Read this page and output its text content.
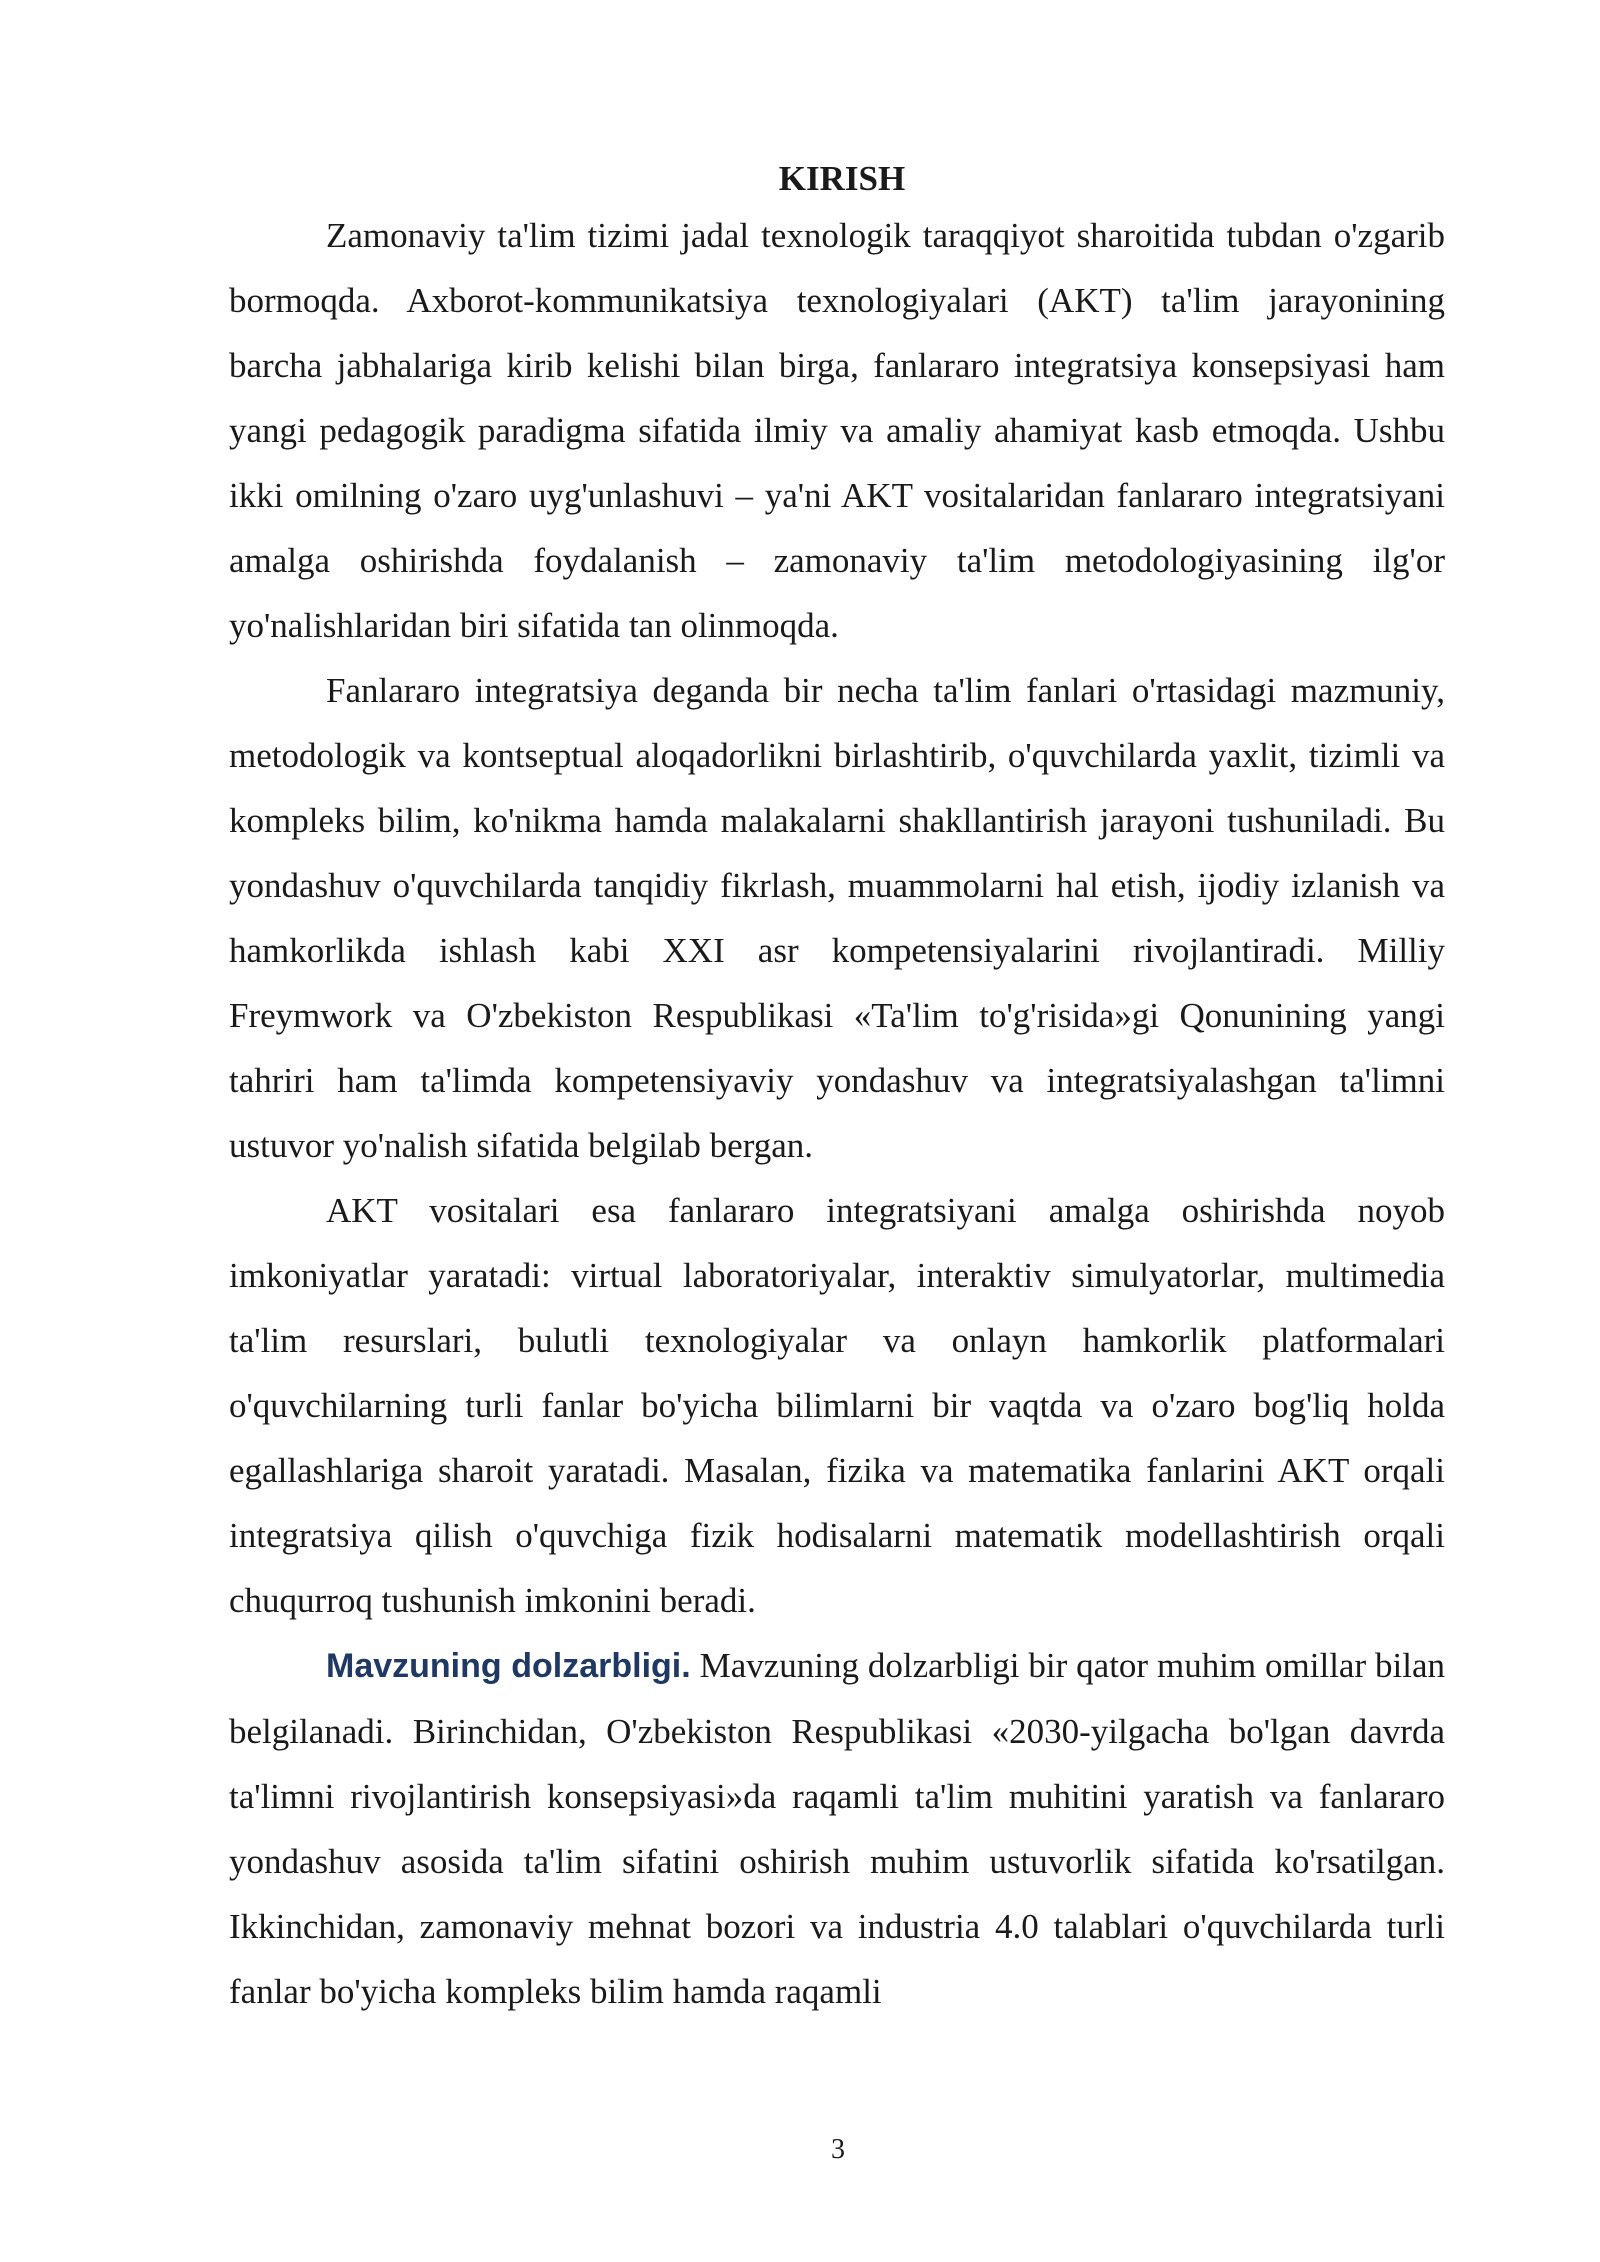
KIRISH

Zamonaviy ta'lim tizimi jadal texnologik taraqqiyot sharoitida tubdan o'zgarib bormoqda. Axborot-kommunikatsiya texnologiyalari (AKT) ta'lim jarayonining barcha jabhalariga kirib kelishi bilan birga, fanlararo integratsiya konsepsiyasi ham yangi pedagogik paradigma sifatida ilmiy va amaliy ahamiyat kasb etmoqda. Ushbu ikki omilning o'zaro uyg'unlashuvi – ya'ni AKT vositalaridan fanlararo integratsiyani amalga oshirishda foydalanish – zamonaviy ta'lim metodologiyasining ilg'or yo'nalishlaridan biri sifatida tan olinmoqda.

Fanlararo integratsiya deganda bir necha ta'lim fanlari o'rtasidagi mazmuniy, metodologik va kontseptual aloqadorlikni birlashtirib, o'quvchilarda yaxlit, tizimli va kompleks bilim, ko'nikma hamda malakalarni shakllantirish jarayoni tushuniladi. Bu yondashuv o'quvchilarda tanqidiy fikrlash, muammolarni hal etish, ijodiy izlanish va hamkorlikda ishlash kabi XXI asr kompetensiyalarini rivojlantiradi. Milliy Freymwork va O'zbekiston Respublikasi «Ta'lim to'g'risida»gi Qonunining yangi tahriri ham ta'limda kompetensiyaviy yondashuv va integratsiyalashgan ta'limni ustuvor yo'nalish sifatida belgilab bergan.

AKT vositalari esa fanlararo integratsiyani amalga oshirishda noyob imkoniyatlar yaratadi: virtual laboratoriyalar, interaktiv simulyatorlar, multimedia ta'lim resurslari, bulutli texnologiyalar va onlayn hamkorlik platformalari o'quvchilarning turli fanlar bo'yicha bilimlarni bir vaqtda va o'zaro bog'liq holda egallashlariga sharoit yaratadi. Masalan, fizika va matematika fanlarini AKT orqali integratsiya qilish o'quvchiga fizik hodisalarni matematik modellashtirish orqali chuqurroq tushunish imkonini beradi.

Mavzuning dolzarbligi. Mavzuning dolzarbligi bir qator muhim omillar bilan belgilanadi. Birinchidan, O'zbekiston Respublikasi «2030-yilgacha bo'lgan davrda ta'limni rivojlantirish konsepsiyasi»da raqamli ta'lim muhitini yaratish va fanlararo yondashuv asosida ta'lim sifatini oshirish muhim ustuvorlik sifatida ko'rsatilgan. Ikkinchidan, zamonaviy mehnat bozori va industria 4.0 talablari o'quvchilarda turli fanlar bo'yicha kompleks bilim hamda raqamli

3
